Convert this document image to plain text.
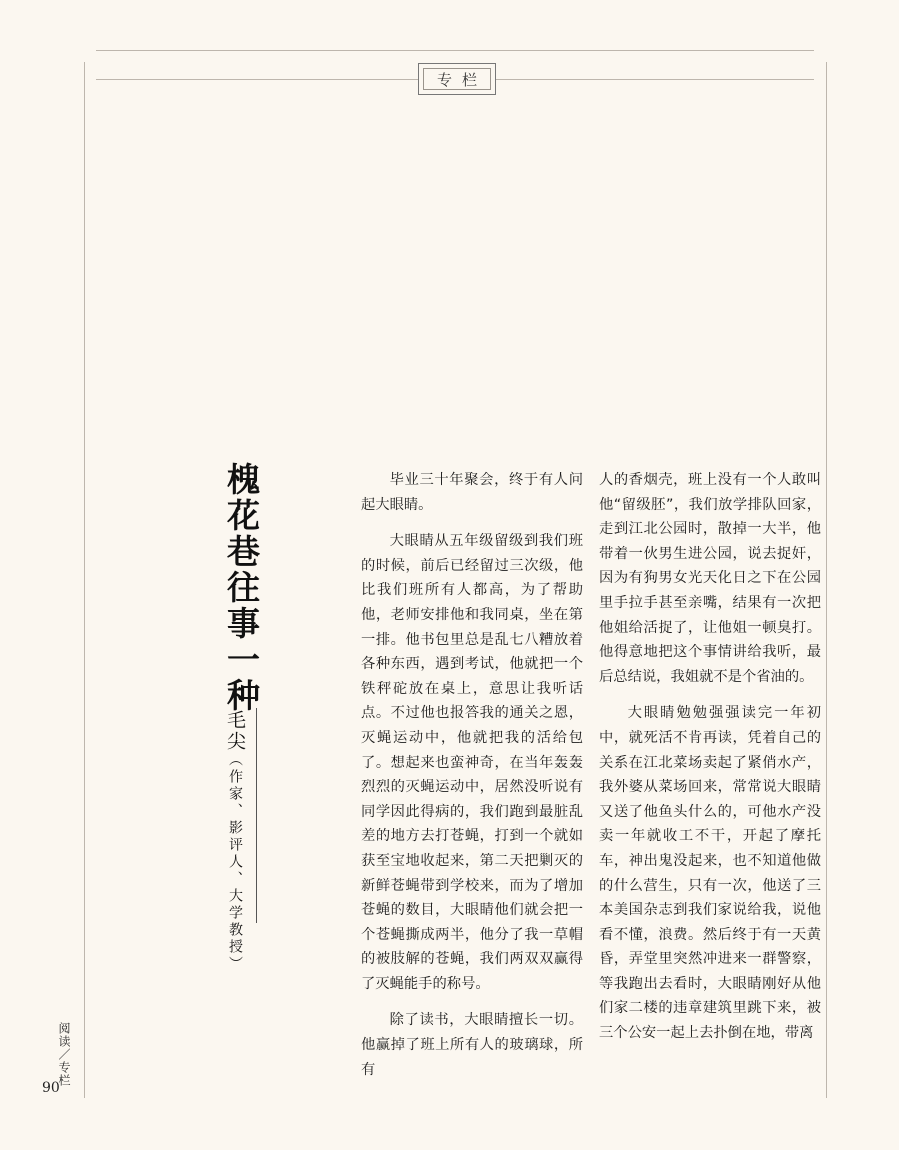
专栏
槐花巷往事一种
毛尖（作家、影评人、大学教授）

毕业三十年聚会，终于有人问起大眼睛。

大眼睛从五年级留级到我们班的时候，前后已经留过三次级，他比我们班所有人都高，为了帮助他，老师安排他和我同桌，坐在第一排。他书包里总是乱七八糟放着各种东西，遇到考试，他就把一个铁秤砣放在桌上，意思让我听话点。不过他也报答我的通关之恩，灭蝇运动中，他就把我的活给包了。想起来也蛮神奇，在当年轰轰烈烈的灭蝇运动中，居然没听说有同学因此得病的，我们跑到最脏乱差的地方去打苍蝇，打到一个就如获至宝地收起来，第二天把剿灭的新鲜苍蝇带到学校来，而为了增加苍蝇的数目，大眼睛他们就会把一个苍蝇撕成两半，他分了我一草帽的被肢解的苍蝇，我们两双双赢得了灭蝇能手的称号。

除了读书，大眼睛擅长一切。他赢掉了班上所有人的玻璃球，所有

人的香烟壳，班上没有一个人敢叫他“留级胚”，我们放学排队回家，走到江北公园时，散掉一大半，他带着一伙男生进公园，说去捉奸，因为有狗男女光天化日之下在公园里手拉手甚至亲嘴，结果有一次把他姐给活捉了，让他姐一顿臭打。他得意地把这个事情讲给我听，最后总结说，我姐就不是个省油的。

大眼睛勉勉强强读完一年初中，就死活不肯再读，凭着自己的关系在江北菜场卖起了紧俏水产，我外婆从菜场回来，常常说大眼睛又送了他鱼头什么的，可他水产没卖一年就收工不干，开起了摩托车，神出鬼没起来，也不知道他做的什么营生，只有一次，他送了三本美国杂志到我们家说给我，说他看不懂，浪费。然后终于有一天黄昏，弄堂里突然冲进来一群警察，等我跑出去看时，大眼睛刚好从他们家二楼的违章建筑里跳下来，被三个公安一起上去扑倒在地，带离

阅读／专栏
90
